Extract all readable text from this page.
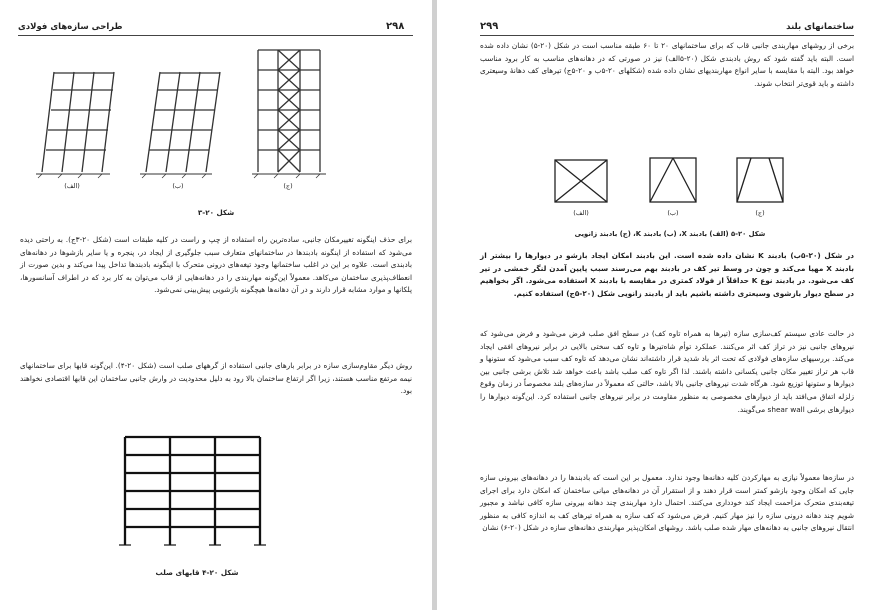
طراحی سازه‌های فولادی	۲۹۸
(الف)	(ب)	(ج)
شکل ۲۰-۳

برای حذف اینگونه تغییرمکان جانبی، ساده‌ترین راه استفاده از چپ و راست در کلیه طبقات است (شکل ۲۰-۳ج). به راحتی دیده می‌شود که استفاده از اینگونه بادبندها در ساختمانهای متعارف سبب جلوگیری از ایجاد در، پنجره و یا سایر بازشوها در دهانه‌های بادبندی است. علاوه بر این در اغلب ساختمانها وجود تیغه‌های درونی متحرک با اینگونه بادبندها تداخل پیدا می‌کند و بدین صورت از انعطاف‌پذیری ساختمان می‌کاهد. معمولاً این‌گونه مهاربندی را در دهانه‌هایی از قاب می‌توان به کار برد که در اطراف آسانسورها، پلکانها و موارد مشابه قرار دارند و در آن دهانه‌ها هیچگونه بازشویی پیش‌بینی نمی‌شود.

روش دیگر مقاوم‌سازی سازه در برابر بارهای جانبی استفاده از گرههای صلب است (شکل ۲۰-۴). این‌گونه قابها برای ساختمانهای نیمه مرتفع مناسب هستند، زیرا اگر ارتفاع ساختمان بالا رود به دلیل محدودیت در وارش جانبی ساختمان این قابها اقتصادی نخواهند بود.

شکل ۲۰-۴ قابهای صلب
۲۹۹	ساختمانهای بلند

برخی از روشهای مهاربندی جانبی قاب که برای ساختمانهای ۲۰ تا ۶۰ طبقه مناسب است در شکل (۲۰-۵) نشان داده شده است. البته باید گفته شود که روش بادبندی شکل (۲۰-۵الف) نیز در صورتی که در دهانه‌های مناسب به کار برود مناسب خواهد بود. البته با مقایسه با سایر انواع مهاربندیهای نشان داده شده (شکلهای ۲۰-۵ب و ۲۰-۵ج) تیرهای کف دهانهٔ وسیعتری داشته و باید قوی‌تر انتخاب شوند.

(الف)	(ب)	(ج)
شکل ۲۰-۵ (الف) بادبند X، (ب) بادبند K، (ج) بادبند زانویی

در شکل (۲۰-۵ب) بادبند K نشان داده شده است. این بادبند امکان ایجاد بازشو در دیوارها را بیشتر از بادبند X مهیا می‌کند و چون در وسط تیر کف در بادبند بهم می‌رسند سبب پایین آمدن لنگر خمشی در تیر کف می‌شود. در بادبند نوع K حداقلاً از فولاد کمتری در مقایسه با بادبند X استفاده می‌شود. اگر بخواهیم در سطح دیوار بازشوی وسیعتری داشته باشیم باید از بادبند زانویی شکل (۲۰-۵ج) استفاده کنیم.

در حالت عادی سیستم کف‌سازی سازه (تیرها به همراه تاوه کف) در سطح افق صلب فرض می‌شود و فرض می‌شود که نیروهای جانبی نیز در تراز کف اثر می‌کنند. عملکرد توأم شاه‌تیرها و تاوه کف سختی بالایی در برابر نیروهای افقی ایجاد می‌کند. بررسیهای سازه‌های فولادی که تحت اثر باد شدید قرار داشته‌اند نشان می‌دهد که تاوه کف سبب می‌شود که ستونها و قاب هر تراز تغییر مکان جانبی یکسانی داشته باشند. لذا اگر تاوه کف صلب باشد باعث خواهد شد تلاش برشی جانبی بین دیوارها و ستونها توزیع شود. هرگاه شدت نیروهای جانبی بالا باشد، حالتی که معمولاً در سازه‌های بلند مخصوصاً در زمان وقوع زلزله اتفاق می‌افتد باید از دیوارهای مخصوصی به منظور مقاومت در برابر نیروهای جانبی استفاده کرد. این‌گونه دیوارها را دیوارهای برشی shear wall می‌گویند.

در سازه‌ها معمولاً نیازی به مهارکردن کلیه دهانه‌ها وجود ندارد. معمول بر این است که بادبندها را در دهانه‌های بیرونی سازه جایی که امکان وجود بازشو کمتر است قرار دهند و از استقرار آن در دهانه‌های میانی ساختمان که امکان دارد برای اجرای تیغه‌بندی متحرک مزاحمت ایجاد کند خودداری می‌کنند. احتمال دارد مهاربندی چند دهانه بیرونی سازه کافی نباشد و مجبور شویم چند دهانه درونی سازه را نیز مهار کنیم. فرض می‌شود که کف سازه به همراه تیرهای کف به اندازه کافی به منظور انتقال نیروهای جانبی به دهانه‌های مهار شده صلب باشد. روشهای امکان‌پذیر مهاربندی دهانه‌های سازه در شکل (۲۰-۶) نشان
